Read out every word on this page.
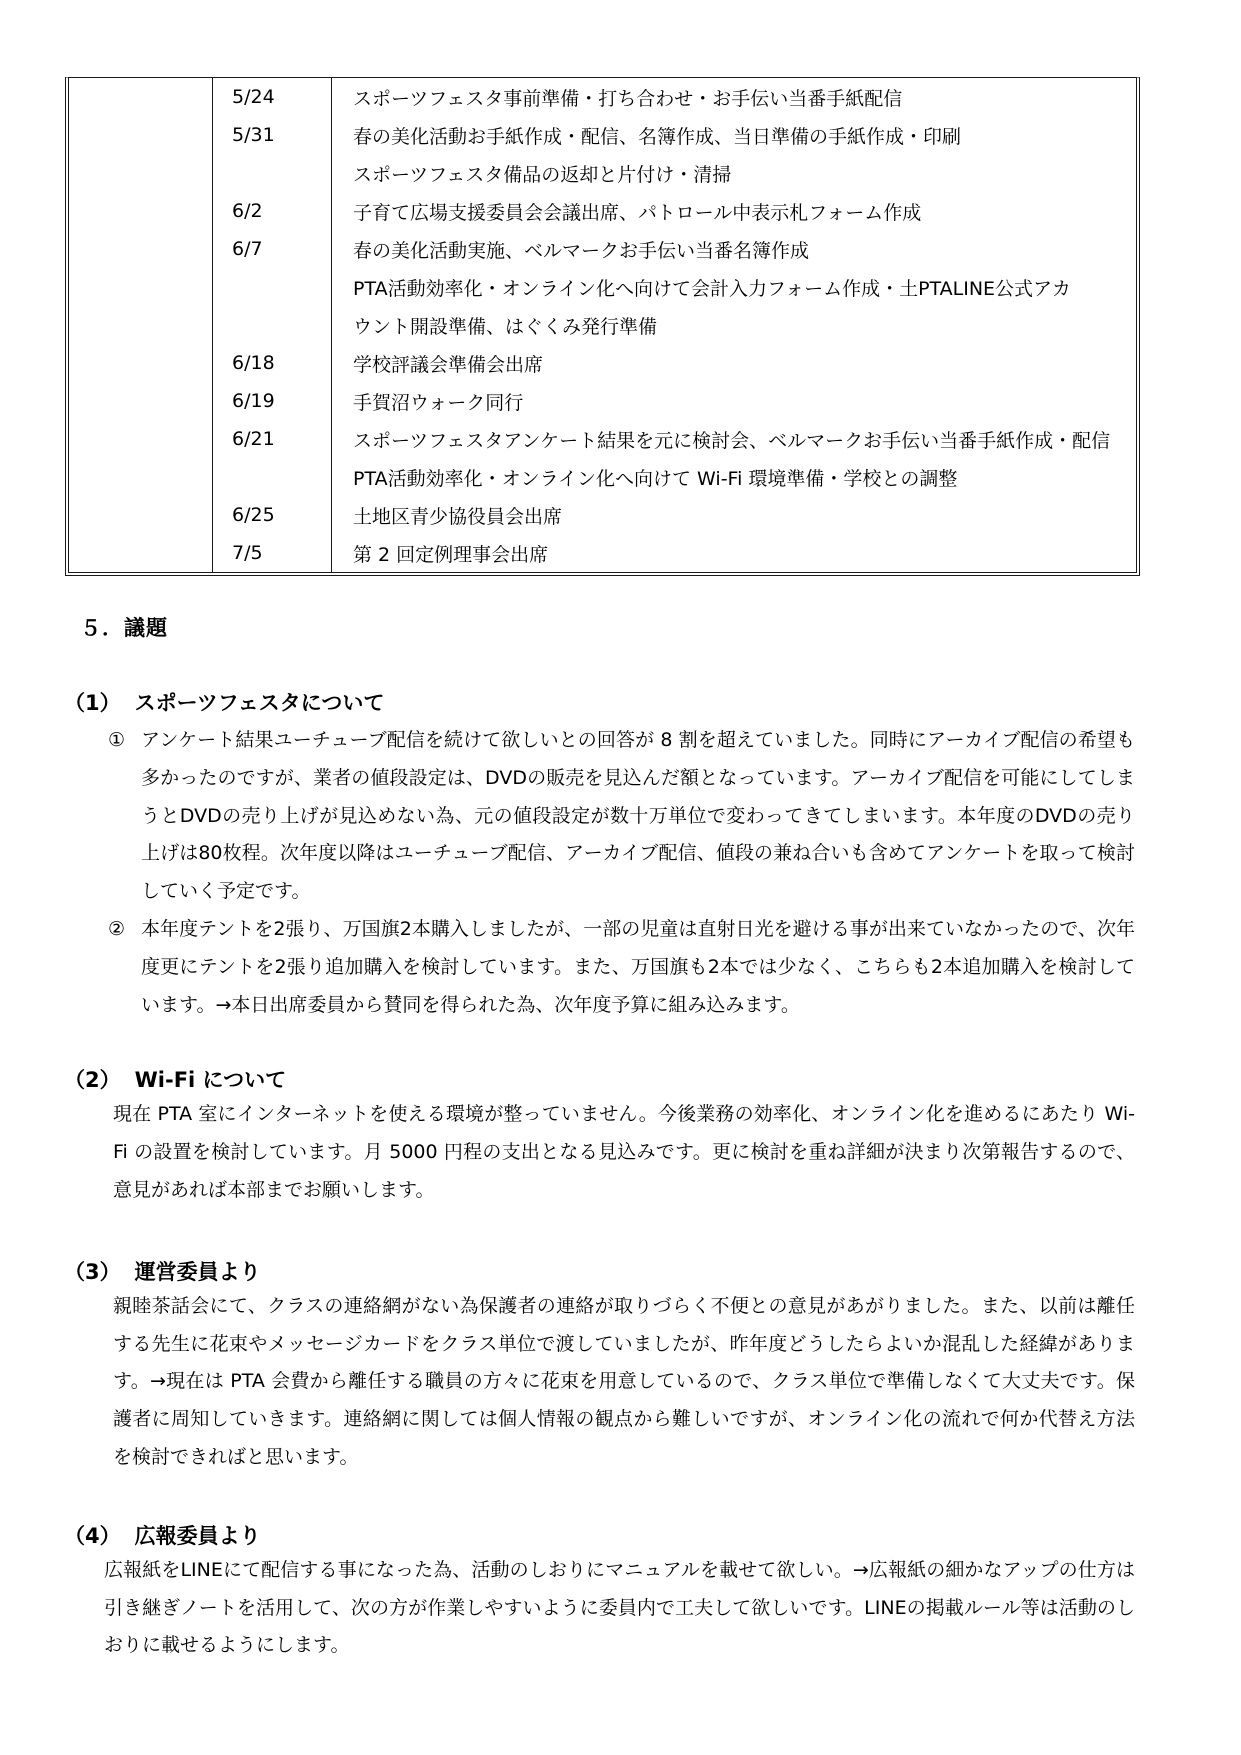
5/24	スポーツフェスタ事前準備・打ち合わせ・お手伝い当番手紙配信
5/31	春の美化活動お手紙作成・配信、名簿作成、当日準備の手紙作成・印刷
スポーツフェスタ備品の返却と片付け・清掃
6/2	子育て広場支援委員会会議出席、パトロール中表示札フォーム作成
6/7	春の美化活動実施、ベルマークお手伝い当番名簿作成
PTA活動効率化・オンライン化へ向けて会計入力フォーム作成・土PTALINE公式アカ
ウント開設準備、はぐくみ発行準備
6/18	学校評議会準備会出席
6/19	手賀沼ウォーク同行
6/21	スポーツフェスタアンケート結果を元に検討会、ベルマークお手伝い当番手紙作成・配信
PTA活動効率化・オンライン化へ向けて Wi-Fi 環境準備・学校との調整
6/25	土地区青少協役員会出席
7/5	第 2 回定例理事会出席
５．議題
（1） スポーツフェスタについて
① アンケート結果ユーチューブ配信を続けて欲しいとの回答が 8 割を超えていました。同時にアーカイブ配信の希望も多かったのですが、業者の値段設定は、DVDの販売を見込んだ額となっています。アーカイブ配信を可能にしてしまうとDVDの売り上げが見込めない為、元の値段設定が数十万単位で変わってきてしまいます。本年度のDVDの売り上げは80枚程。次年度以降はユーチューブ配信、アーカイブ配信、値段の兼ね合いも含めてアンケートを取って検討していく予定です。
② 本年度テントを2張り、万国旗2本購入しましたが、一部の児童は直射日光を避ける事が出来ていなかったので、次年度更にテントを2張り追加購入を検討しています。また、万国旗も2本では少なく、こちらも2本追加購入を検討しています。→本日出席委員から賛同を得られた為、次年度予算に組み込みます。
（2） Wi-Fi について
現在 PTA 室にインターネットを使える環境が整っていません。今後業務の効率化、オンライン化を進めるにあたり Wi-Fi の設置を検討しています。月 5000 円程の支出となる見込みです。更に検討を重ね詳細が決まり次第報告するので、意見があれば本部までお願いします。
（3） 運営委員より
親睦茶話会にて、クラスの連絡網がない為保護者の連絡が取りづらく不便との意見があがりました。また、以前は離任する先生に花束やメッセージカードをクラス単位で渡していましたが、昨年度どうしたらよいか混乱した経緯があります。→現在は PTA 会費から離任する職員の方々に花束を用意しているので、クラス単位で準備しなくて大丈夫です。保護者に周知していきます。連絡網に関しては個人情報の観点から難しいですが、オンライン化の流れで何か代替え方法を検討できればと思います。
（4） 広報委員より
広報紙をLINEにて配信する事になった為、活動のしおりにマニュアルを載せて欲しい。→広報紙の細かなアップの仕方は引き継ぎノートを活用して、次の方が作業しやすいように委員内で工夫して欲しいです。LINEの掲載ルール等は活動のしおりに載せるようにします。
